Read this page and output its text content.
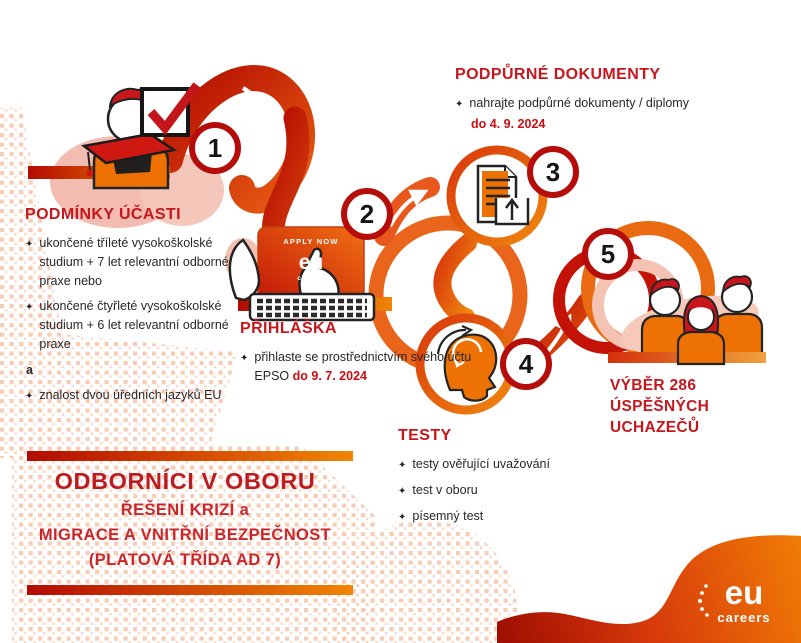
1
2
3
4
5
PODMÍNKY ÚČASTI
✦ ukončené tříleté vysokoškolské studium + 7 let relevantní odborné praxe nebo
✦ ukončené čtyřleté vysokoškolské studium + 6 let relevantní odborné praxe
a
✦ znalost dvou úředních jazyků EU
PŘIHLÁŠKA
✦ přihlaste se prostřednictvím svého účtu EPSO do 9. 7. 2024
PODPŮRNÉ DOKUMENTY
✦ nahrajte podpůrné dokumenty / diplomy
do 4. 9. 2024
TESTY
✦ testy ověřující uvažování
✦ test v oboru
✦ písemný test
VÝBĚR 286 ÚSPĚŠNÝCH UCHAZEČŮ
APPLY NOW
eu
careers
ODBORNÍCI V OBORU
ŘEŠENÍ KRIZÍ a
MIGRACE A VNITŘNÍ BEZPEČNOST
(PLATOVÁ TŘÍDA AD 7)
eu
careers
